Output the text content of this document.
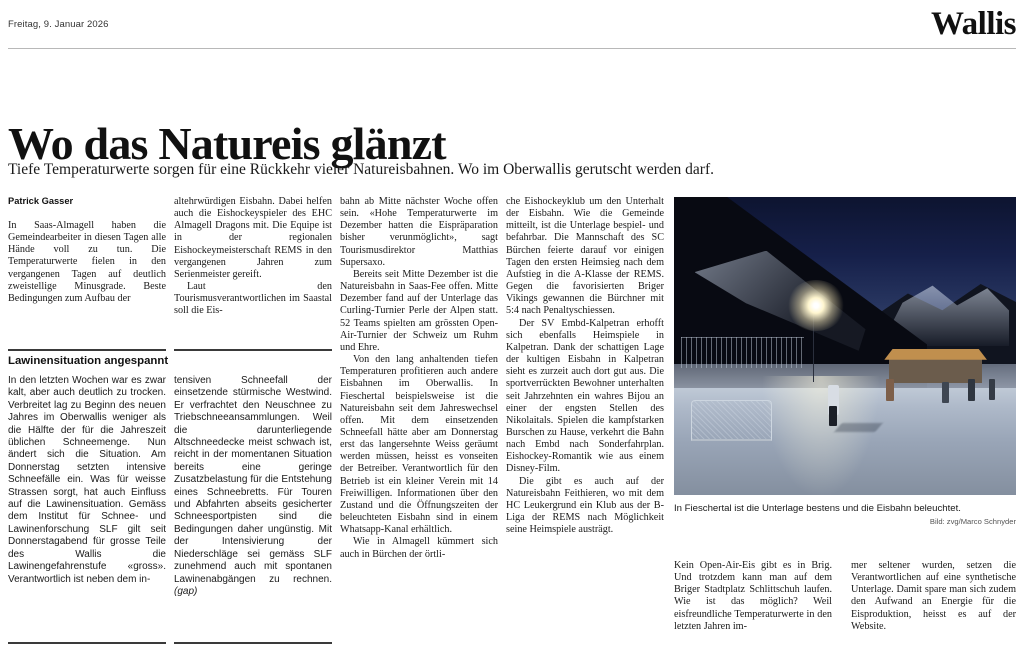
Freitag, 9. Januar 2026	Wallis
Wo das Natureis glänzt
Tiefe Temperaturwerte sorgen für eine Rückkehr vieler Natureisbahnen. Wo im Oberwallis gerutscht werden darf.
Patrick Gasser

In Saas-Almagell haben die Gemeindearbeiter in diesen Tagen alle Hände voll zu tun. Die Temperaturwerte fielen in den vergangenen Tagen auf deutlich zweistellige Minusgrade. Beste Bedingungen zum Aufbau der

altehrwürdigen Eisbahn. Dabei helfen auch die Eishockeyspieler des EHC Almagell Dragons mit. Die Equipe ist in der regionalen Eishockeymeisterschaft REMS in den vergangenen Jahren zum Serienmeister gereift.

Laut den Tourismusverantwortlichen im Saastal soll die Eis-

bahn ab Mitte nächster Woche offen sein. «Hohe Temperaturwerte im Dezember hatten die Eispräparation bisher verunmöglicht», sagt Tourismusdirektor Matthias Supersaxo.

Bereits seit Mitte Dezember ist die Natureisbahn in Saas-Fee offen. Mitte Dezember fand auf der Unterlage das Curling-Turnier Perle der Alpen statt. 52 Teams spielten am grössten Open-Air-Turnier der Schweiz um Ruhm und Ehre.

Von den lang anhaltenden tiefen Temperaturen profitieren auch andere Eisbahnen im Oberwallis. In Fieschertal beispielsweise ist die Natureisbahn seit dem Jahreswechsel offen. Mit dem einsetzenden Schneefall hätte aber am Donnerstag erst das langersehnte Weiss geräumt werden müssen, heisst es vonseiten der Betreiber. Verantwortlich für den Betrieb ist ein kleiner Verein mit 14 Freiwilligen. Informationen über den Zustand und die Öffnungszeiten der beleuchteten Eisbahn sind in einem Whatsapp-Kanal erhältlich.

Wie in Almagell kümmert sich auch in Bürchen der örtli-

che Eishockeyklub um den Unterhalt der Eisbahn. Wie die Gemeinde mitteilt, ist die Unterlage bespiel- und befahrbar. Die Mannschaft des SC Bürchen feierte darauf vor einigen Tagen den ersten Heimsieg nach dem Aufstieg in die A-Klasse der REMS. Gegen die favorisierten Briger Vikings gewannen die Bürchner mit 5:4 nach Penaltyschiessen.

Der SV Embd-Kalpetran erhofft sich ebenfalls Heimspiele in Kalpetran. Dank der schattigen Lage der kultigen Eisbahn in Kalpetran sieht es zurzeit auch dort gut aus. Die sportverrückten Bewohner unterhalten seit Jahrzehnten ein wahres Bijou an einer der engsten Stellen des Nikolaitals. Spielen die kampfstarken Burschen zu Hause, verkehrt die Bahn nach Embd nach Sonderfahrplan. Eishockey-Romantik wie aus einem Disney-Film.

Die gibt es auch auf der Natureisbahn Feithieren, wo mit dem HC Leukergrund ein Klub aus der B-Liga der REMS nach Möglichkeit seine Heimspiele austrägt.

Lawinensituation angespannt

In den letzten Wochen war es zwar kalt, aber auch deutlich zu trocken. Verbreitet lag zu Beginn des neuen Jahres im Oberwallis weniger als die Hälfte der für die Jahreszeit üblichen Schneemenge. Nun ändert sich die Situation. Am Donnerstag setzten intensive Schneefälle ein. Was für weisse Strassen sorgt, hat auch Einfluss auf die Lawinensituation. Gemäss dem Institut für Schnee- und Lawinenforschung SLF gilt seit Donnerstagabend für grosse Teile des Wallis die Lawinengefahrenstufe «gross». Verantwortlich ist neben dem in-

tensiven Schneefall der einsetzende stürmische Westwind. Er verfrachtet den Neuschnee zu Triebschneeansammlungen. Weil die darunterliegende Altschneedecke meist schwach ist, reicht in der momentanen Situation bereits eine geringe Zusatzbelastung für die Entstehung eines Schneebretts. Für Touren und Abfahrten abseits gesicherter Schneesportpisten sind die Bedingungen daher ungünstig. Mit der Intensivierung der Niederschläge sei gemäss SLF zunehmend auch mit spontanen Lawinenabgängen zu rechnen. (gap)

In Fieschertal ist die Unterlage bestens und die Eisbahn beleuchtet.
Bild: zvg/Marco Schnyder

Kein Open-Air-Eis gibt es in Brig. Und trotzdem kann man auf dem Briger Stadtplatz Schlittschuh laufen. Wie ist das möglich? Weil eisfreundliche Temperaturwerte in den letzten Jahren im-

mer seltener wurden, setzen die Verantwortlichen auf eine synthetische Unterlage. Damit spare man sich zudem den Aufwand an Energie für die Eisproduktion, heisst es auf der Website.
